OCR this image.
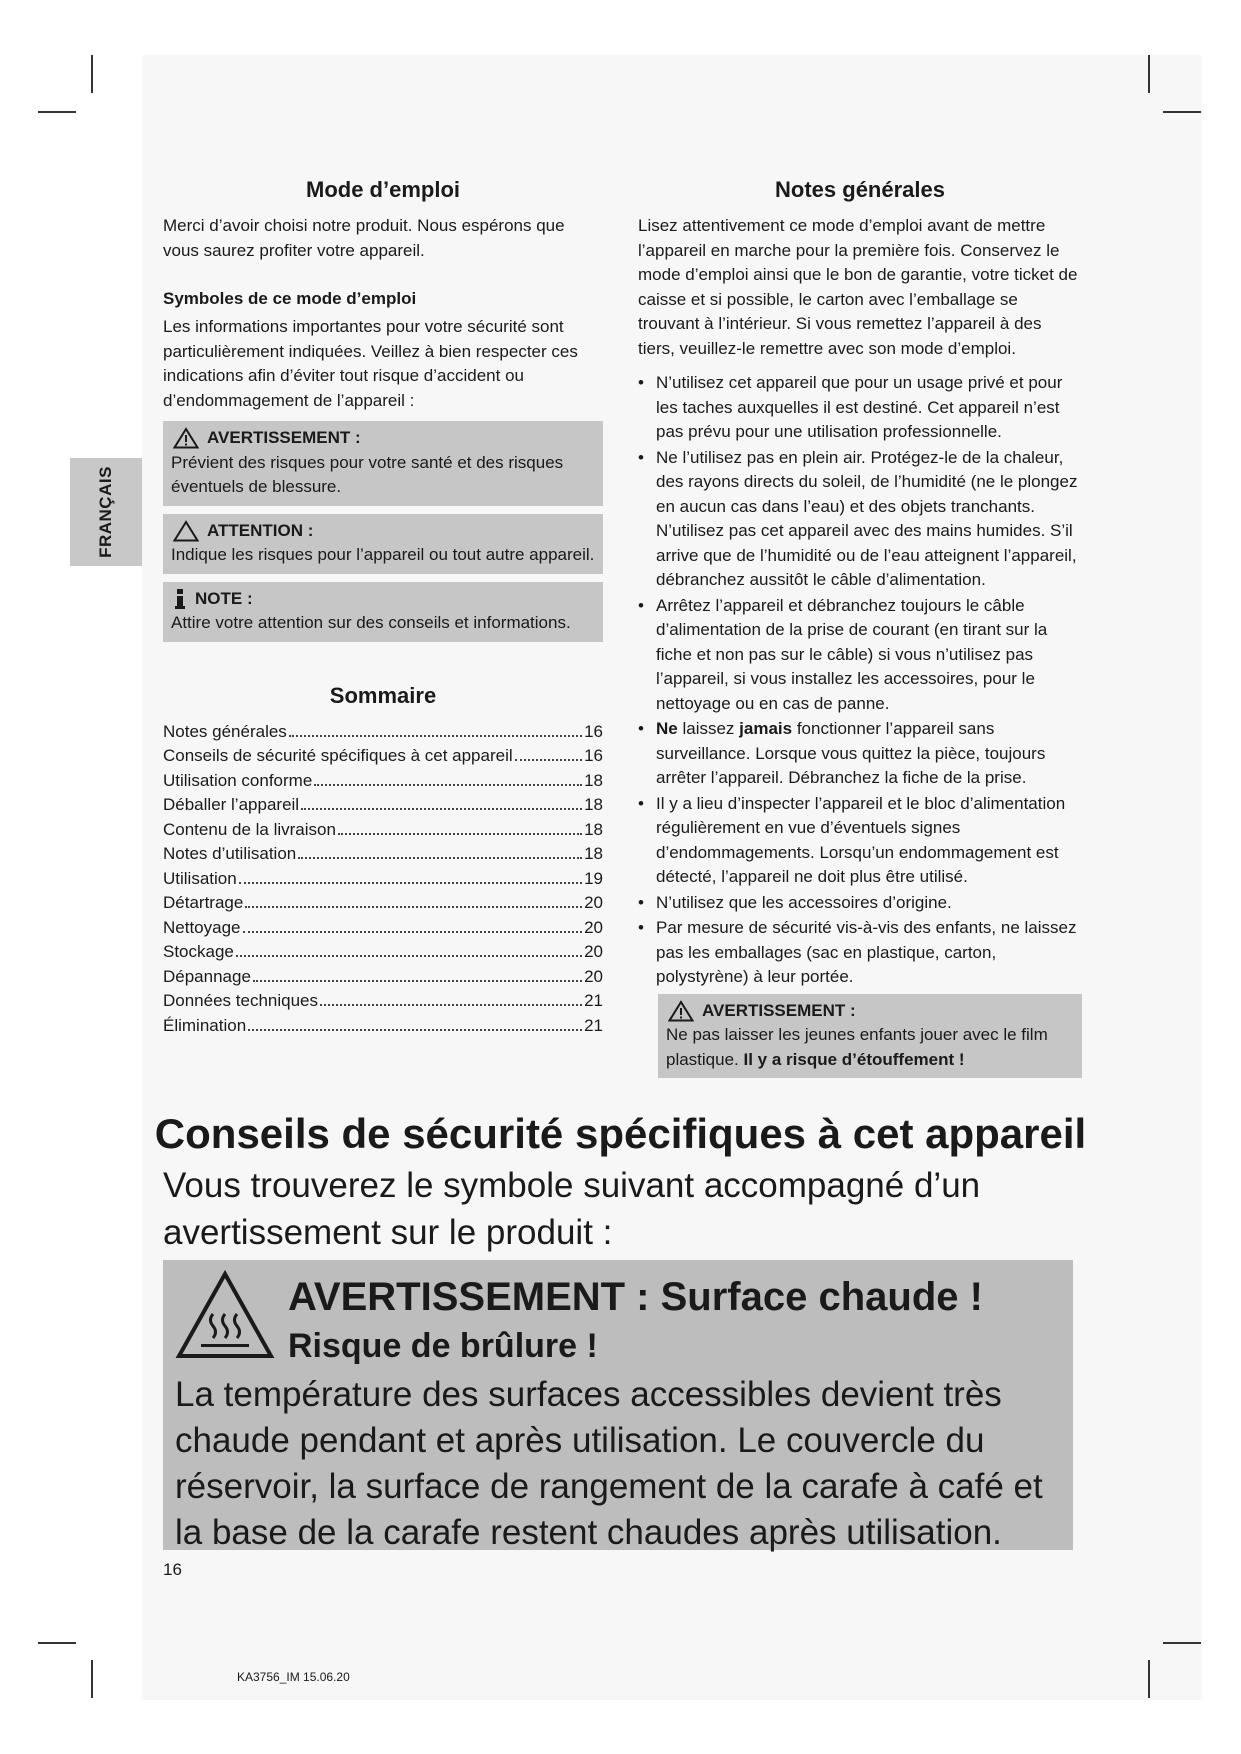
FRANÇAIS
Mode d’emploi

Merci d’avoir choisi notre produit. Nous espérons que vous saurez profiter votre appareil.

Symboles de ce mode d’emploi

Les informations importantes pour votre sécurité sont particulièrement indiquées. Veillez à bien respecter ces indications afin d’éviter tout risque d’accident ou d’endommagement de l’appareil :

AVERTISSEMENT :
Prévient des risques pour votre santé et des risques éventuels de blessure.
ATTENTION :
Indique les risques pour l’appareil ou tout autre appareil.
NOTE :
Attire votre attention sur des conseils et informations.
Sommaire
Notes générales	16
Conseils de sécurité spécifiques à cet appareil	16
Utilisation conforme	18
Déballer l’appareil	18
Contenu de la livraison	18
Notes d’utilisation	18
Utilisation	19
Détartrage	20
Nettoyage	20
Stockage	20
Dépannage	20
Données techniques	21
Élimination	21
Notes générales

Lisez attentivement ce mode d’emploi avant de mettre l’appareil en marche pour la première fois. Conservez le mode d’emploi ainsi que le bon de garantie, votre ticket de caisse et si possible, le carton avec l’emballage se trouvant à l’intérieur. Si vous remettez l’appareil à des tiers, veuillez-le remettre avec son mode d’emploi.

• N’utilisez cet appareil que pour un usage privé et pour les taches auxquelles il est destiné. Cet appareil n’est pas prévu pour une utilisation professionnelle.
• Ne l’utilisez pas en plein air. Protégez-le de la chaleur, des rayons directs du soleil, de l’humidité (ne le plongez en aucun cas dans l’eau) et des objets tranchants. N’utilisez pas cet appareil avec des mains humides. S’il arrive que de l’humidité ou de l’eau atteignent l’appareil, débranchez aussitôt le câble d’alimentation.
• Arrêtez l’appareil et débranchez toujours le câble d’alimentation de la prise de courant (en tirant sur la fiche et non pas sur le câble) si vous n’utilisez pas l’appareil, si vous installez les accessoires, pour le nettoyage ou en cas de panne.
• Ne laissez jamais fonctionner l’appareil sans surveillance. Lorsque vous quittez la pièce, toujours arrêter l’appareil. Débranchez la fiche de la prise.
• Il y a lieu d’inspecter l’appareil et le bloc d’alimentation régulièrement en vue d’éventuels signes d’endommagements. Lorsqu’un endommagement est détecté, l’appareil ne doit plus être utilisé.
• N’utilisez que les accessoires d’origine.
• Par mesure de sécurité vis-à-vis des enfants, ne laissez pas les emballages (sac en plastique, carton, polystyrène) à leur portée.
AVERTISSEMENT :
Ne pas laisser les jeunes enfants jouer avec le film plastique. Il y a risque d’étouffement !
Conseils de sécurité spécifiques à cet appareil

Vous trouverez le symbole suivant accompagné d’un avertissement sur le produit :

AVERTISSEMENT : Surface chaude !
Risque de brûlure !

La température des surfaces accessibles devient très chaude pendant et après utilisation. Le couvercle du réservoir, la surface de rangement de la carafe à café et la base de la carafe restent chaudes après utilisation.

16
KA3756_IM 15.06.20
